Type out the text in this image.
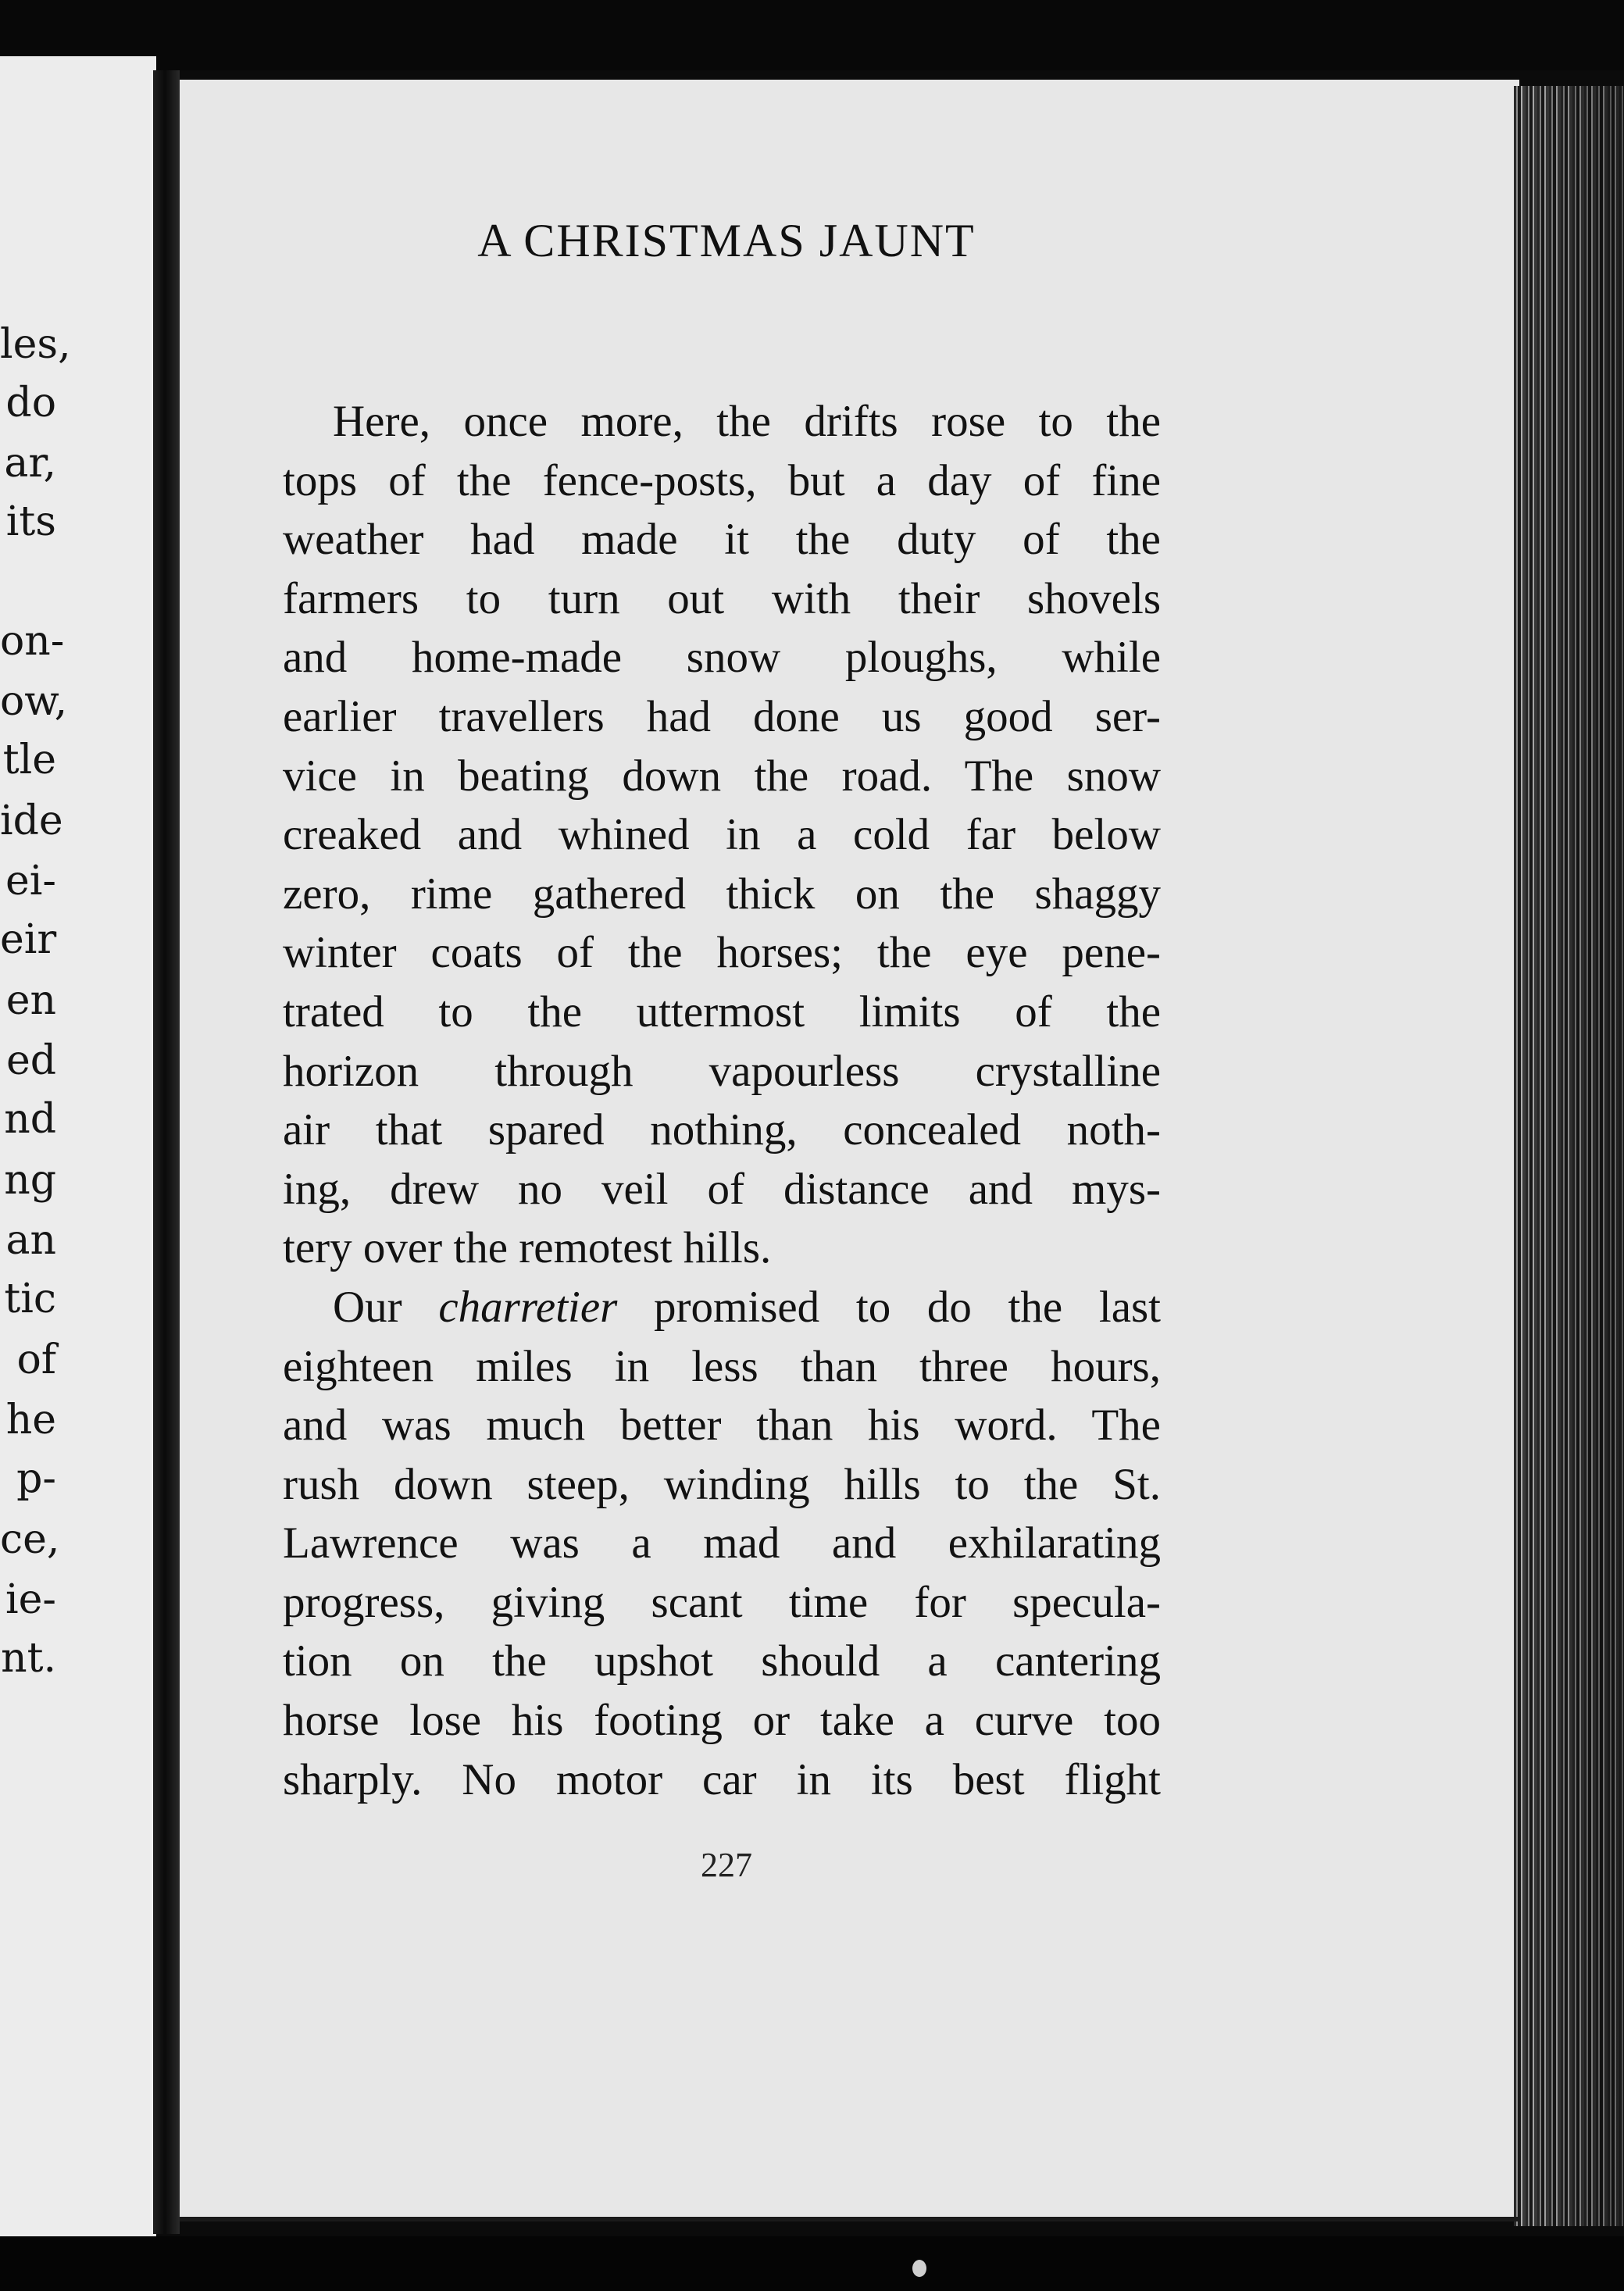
les,
do
ar,
its
on-
ow,
tle
ide
ei-
eir
en
ed
nd
ng
an
tic
of
he
p-
ce,
ie-
nt.
A CHRISTMAS JAUNT
Here, once more, the drifts rose to the
tops of the fence-posts, but a day of fine
weather had made it the duty of the
farmers to turn out with their shovels
and home-made snow ploughs, while
earlier travellers had done us good ser-
vice in beating down the road. The snow
creaked and whined in a cold far below
zero, rime gathered thick on the shaggy
winter coats of the horses; the eye pene-
trated to the uttermost limits of the
horizon through vapourless crystalline
air that spared nothing, concealed noth-
ing, drew no veil of distance and mys-
tery over the remotest hills.
Our charretier promised to do the last
eighteen miles in less than three hours,
and was much better than his word. The
rush down steep, winding hills to the St.
Lawrence was a mad and exhilarating
progress, giving scant time for specula-
tion on the upshot should a cantering
horse lose his footing or take a curve too
sharply. No motor car in its best flight
227
